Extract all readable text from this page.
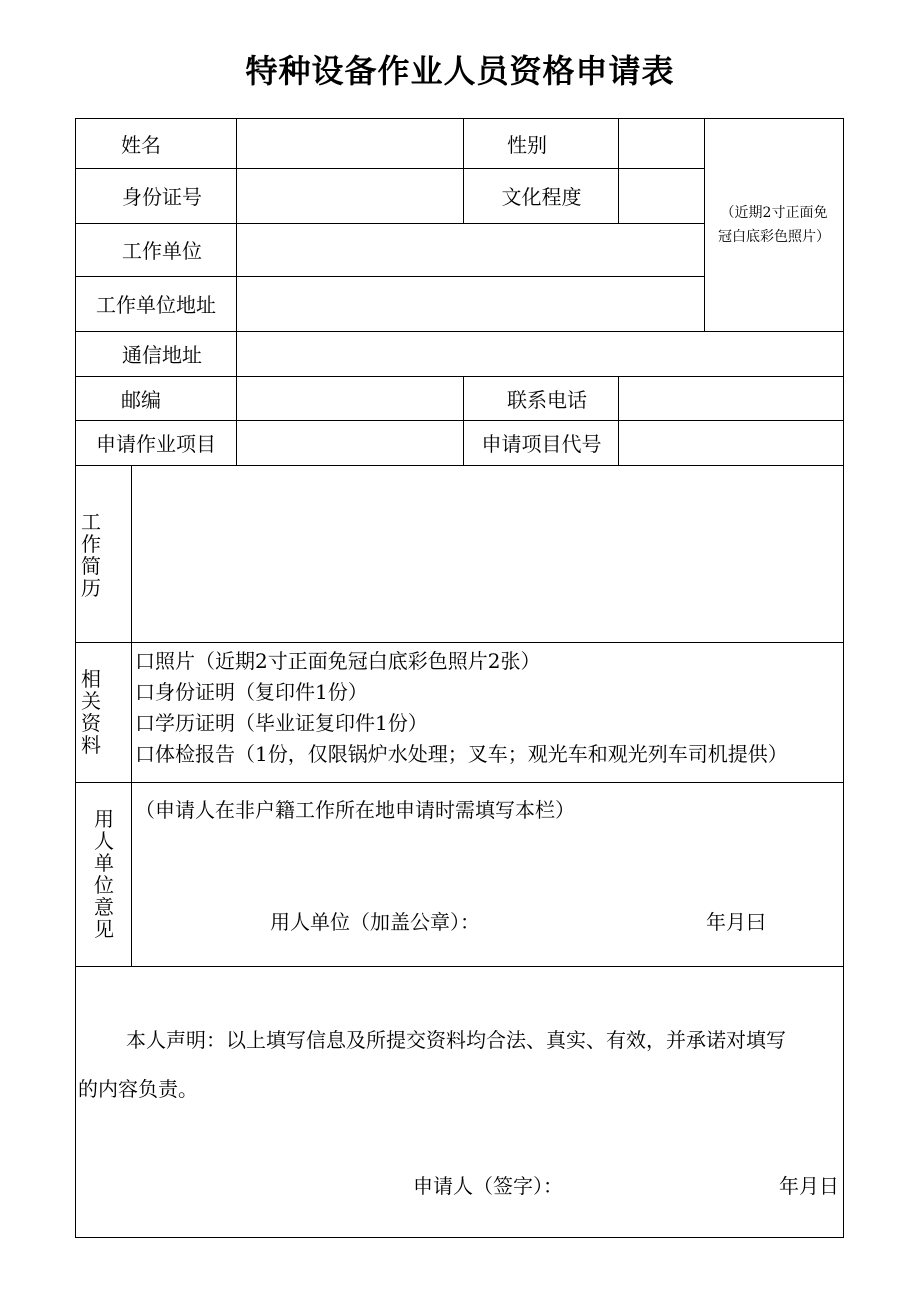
特种设备作业人员资格申请表
姓名	性别
身份证号	文化程度
工作单位
工作单位地址
（近期2寸正面免
冠白底彩色照片）
通信地址
邮编	联系电话
申请作业项目	申请项目代号
工作简历
相关资料
口照片（近期2寸正面免冠白底彩色照片2张）
口身份证明（复印件1份）
口学历证明（毕业证复印件1份）
口体检报告（1份，仅限锅炉水处理；叉车；观光车和观光列车司机提供）
用人单位意见
（申请人在非户籍工作所在地申请时需填写本栏）
用人单位（加盖公章）：	年月曰
本人声明：以上填写信息及所提交资料均合法、真实、有效，并承诺对填写
的内容负责。
申请人（签字）：	年月日
